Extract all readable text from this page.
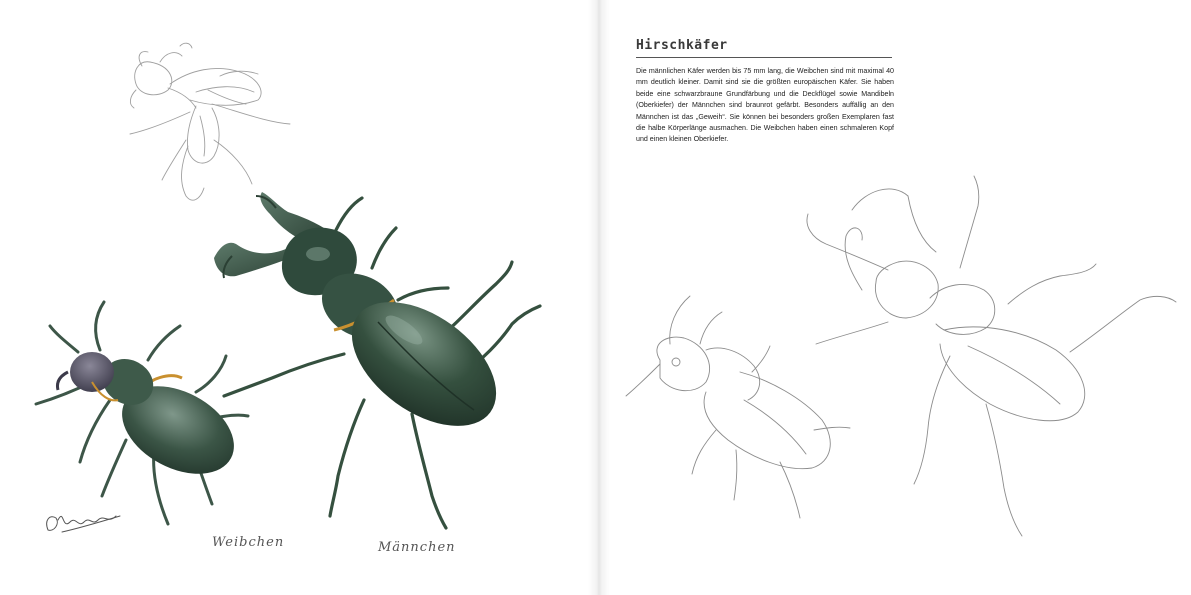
Weibchen	Männchen
Hirschkäfer
Die männlichen Käfer werden bis 75 mm lang, die Weibchen sind mit maximal 40 mm deutlich kleiner. Damit sind sie die größten europäischen Käfer. Sie haben beide eine schwarzbraune Grundfärbung und die Deckflügel sowie Mandibeln (Oberkiefer) der Männchen sind braunrot gefärbt. Besonders auffällig an den Männchen ist das „Geweih“. Sie können bei besonders großen Exemplaren fast die halbe Körperlänge ausmachen. Die Weibchen haben einen schmaleren Kopf und einen kleinen Oberkiefer.
